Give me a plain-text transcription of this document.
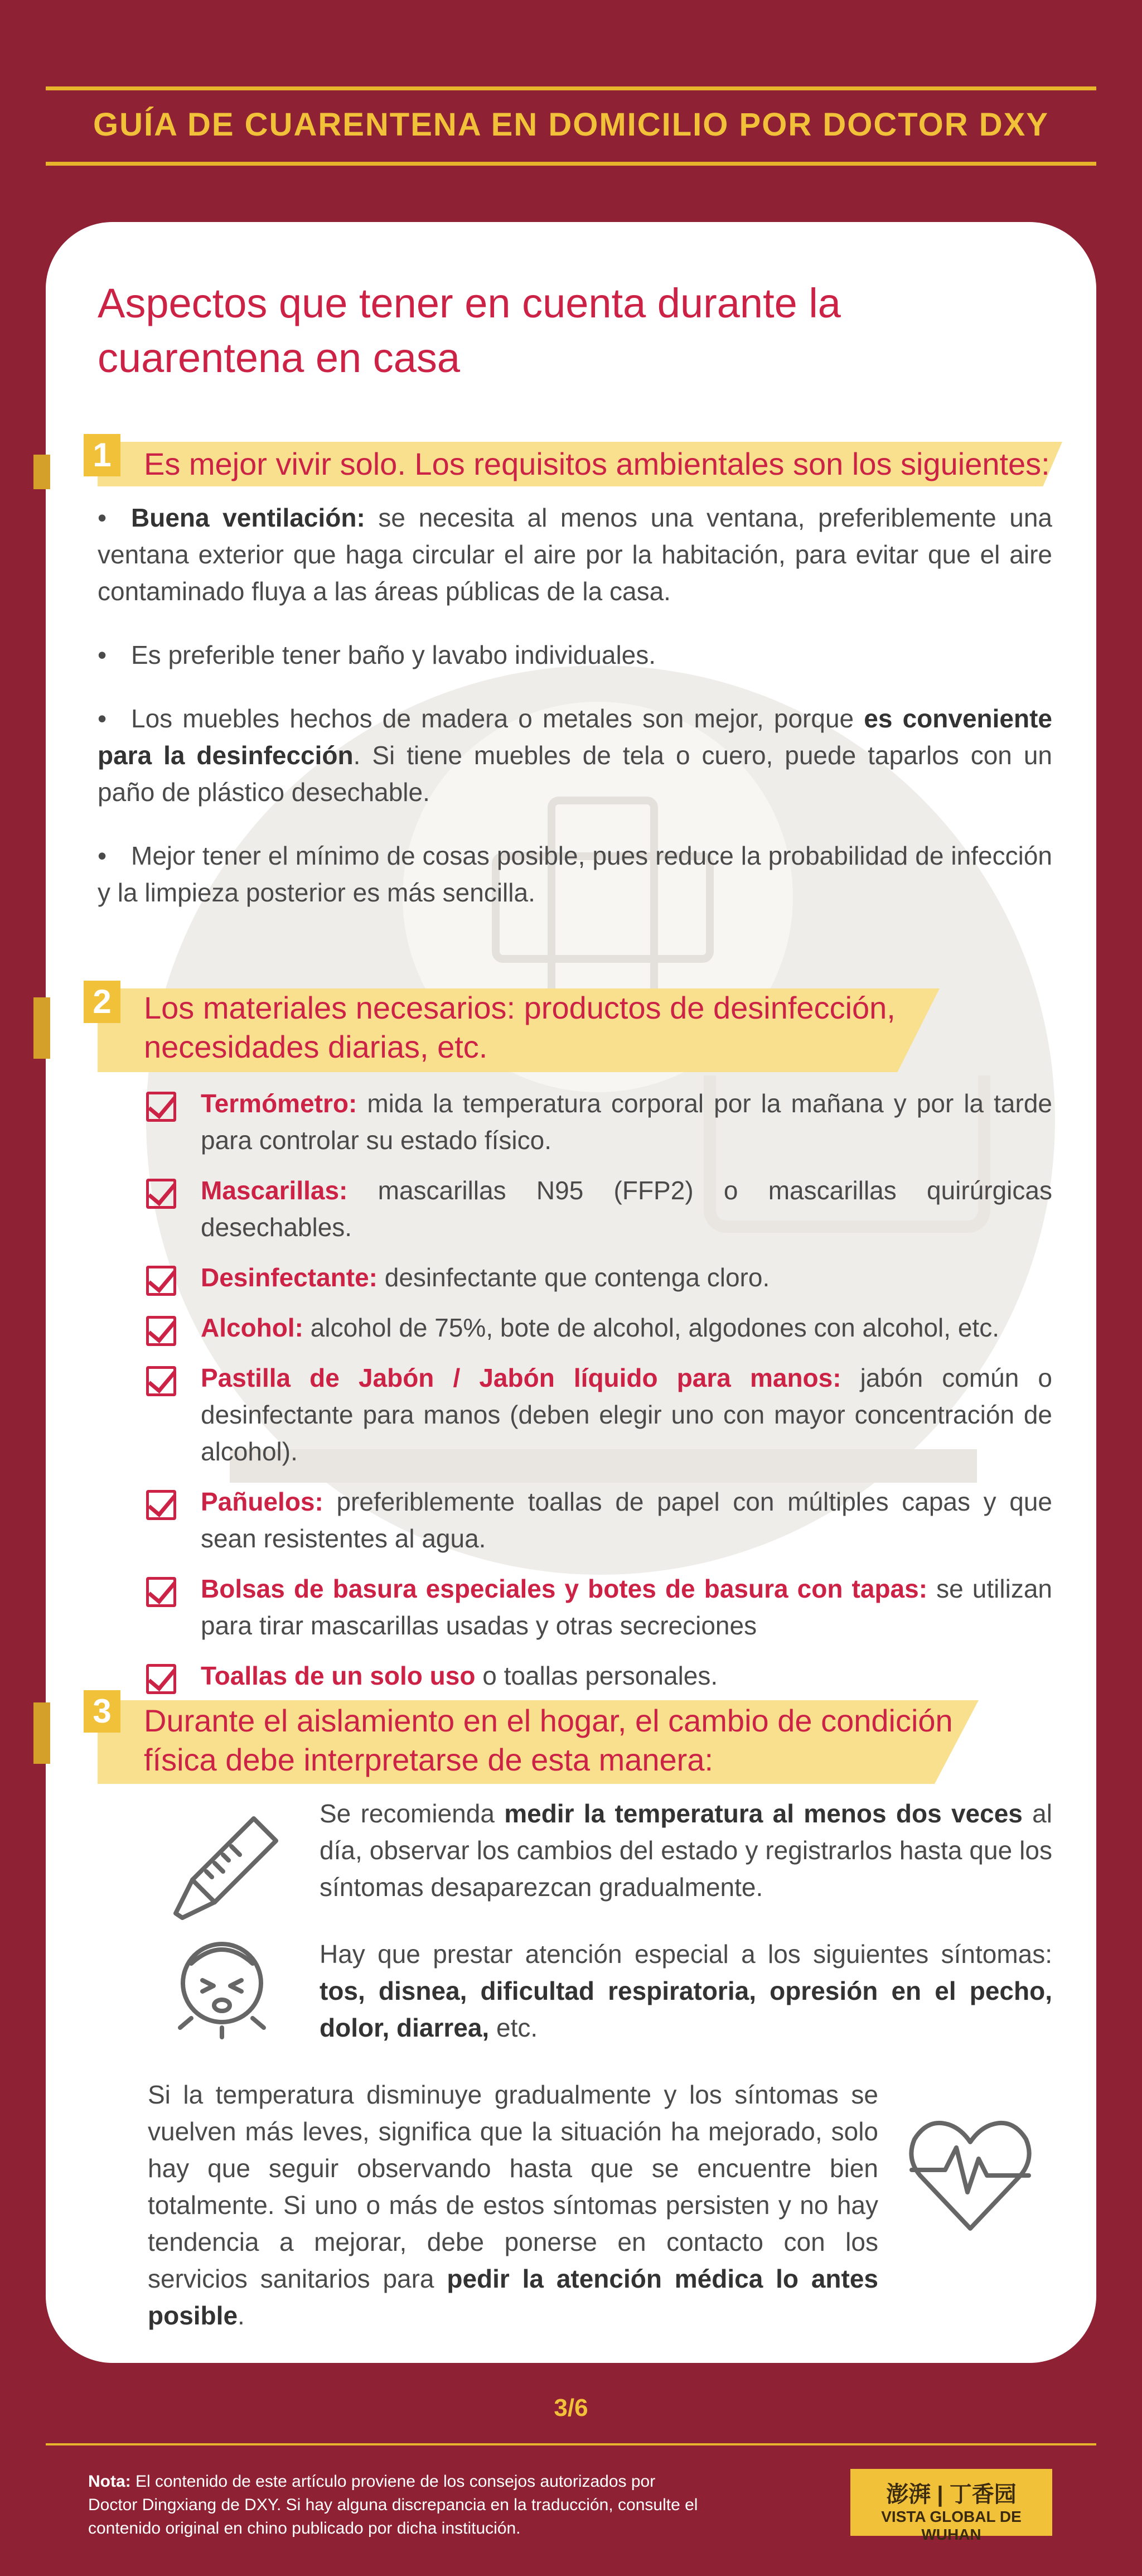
GUÍA DE CUARENTENA EN DOMICILIO POR DOCTOR DXY
Aspectos que tener en cuenta durante la cuarentena en casa
1 Es mejor vivir solo. Los requisitos ambientales son los siguientes:
• Buena ventilación: se necesita al menos una ventana, preferiblemente una ventana exterior que haga circular el aire por la habitación, para evitar que el aire contaminado fluya a las áreas públicas de la casa.
• Es preferible tener baño y lavabo individuales.
• Los muebles hechos de madera o metales son mejor, porque es conveniente para la desinfección. Si tiene muebles de tela o cuero, puede taparlos con un paño de plástico desechable.
• Mejor tener el mínimo de cosas posible, pues reduce la probabilidad de infección y la limpieza posterior es más sencilla.
2 Los materiales necesarios: productos de desinfección,
necesidades diarias, etc.
Termómetro: mida la temperatura corporal por la mañana y por la tarde para controlar su estado físico.
Mascarillas: mascarillas N95 (FFP2) o mascarillas quirúrgicas desechables.
Desinfectante: desinfectante que contenga cloro.
Alcohol: alcohol de 75%, bote de alcohol, algodones con alcohol, etc.
Pastilla de Jabón / Jabón líquido para manos: jabón común o desinfectante para manos (deben elegir uno con mayor concentración de alcohol).
Pañuelos: preferiblemente toallas de papel con múltiples capas y que sean resistentes al agua.
Bolsas de basura especiales y botes de basura con tapas: se utilizan para tirar mascarillas usadas y otras secreciones
Toallas de un solo uso o toallas personales.
3 Durante el aislamiento en el hogar, el cambio de condición
física debe interpretarse de esta manera:
Se recomienda medir la temperatura al menos dos veces al día, observar los cambios del estado y registrarlos hasta que los síntomas desaparezcan gradualmente.
Hay que prestar atención especial a los siguientes síntomas: tos, disnea, dificultad respiratoria, opresión en el pecho, dolor, diarrea, etc.
Si la temperatura disminuye gradualmente y los síntomas se vuelven más leves, significa que la situación ha mejorado, solo hay que seguir observando hasta que se encuentre bien totalmente. Si uno o más de estos síntomas persisten y no hay tendencia a mejorar, debe ponerse en contacto con los servicios sanitarios para pedir la atención médica lo antes posible.
3/6
Nota: El contenido de este artículo proviene de los consejos autorizados por Doctor Dingxiang de DXY. Si hay alguna discrepancia en la traducción, consulte el contenido original en chino publicado por dicha institución.
澎湃 | 丁香园
VISTA GLOBAL DE WUHAN
